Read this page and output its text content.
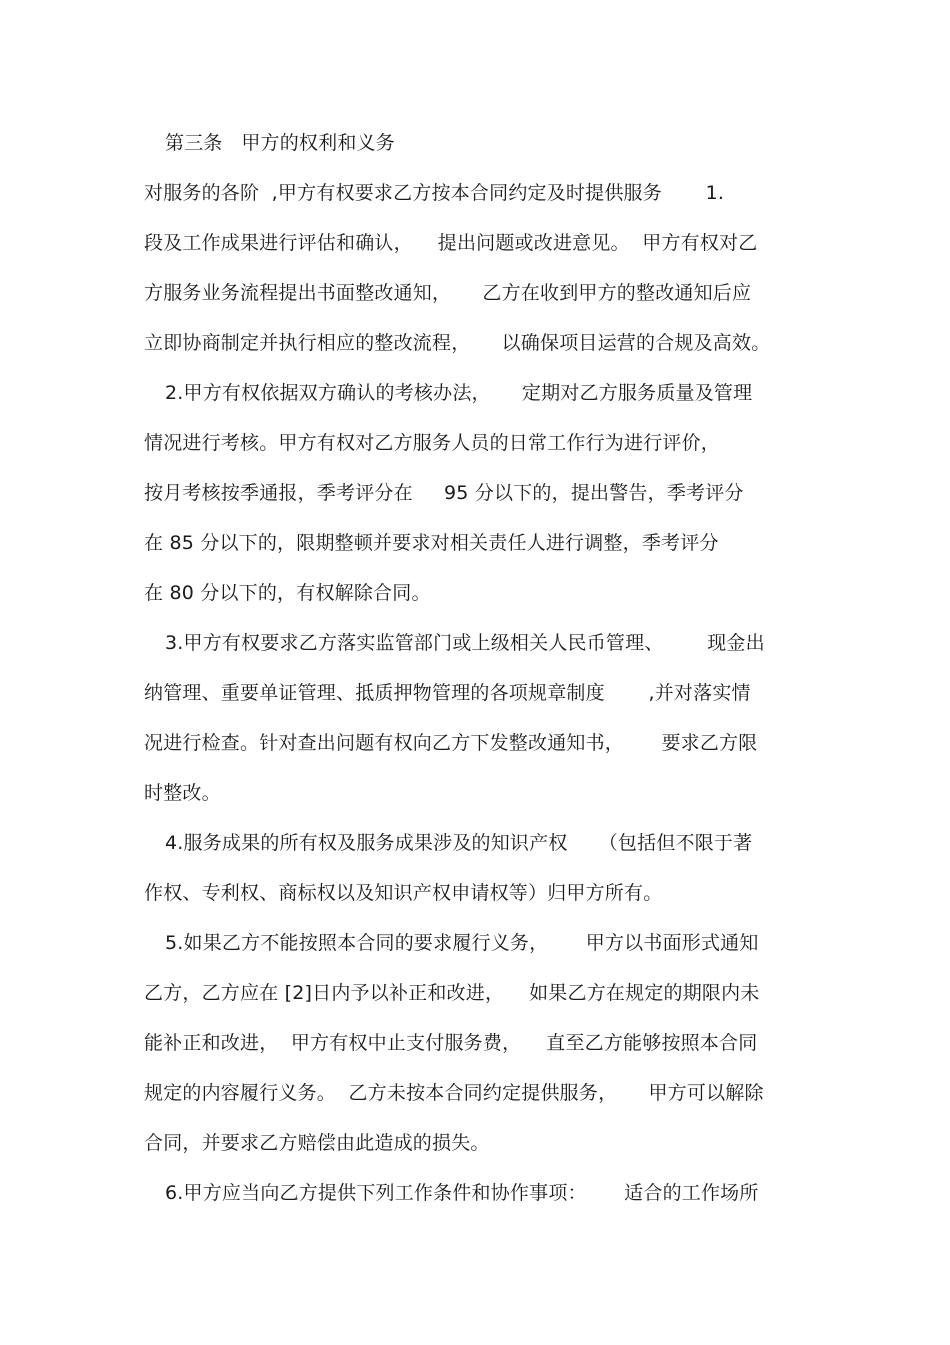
第三条   甲方的权利和义务
对服务的各阶  ,甲方有权要求乙方按本合同约定及时提供服务       1.
段及工作成果进行评估和确认，    提出问题或改进意见。  甲方有权对乙
方服务业务流程提出书面整改通知，     乙方在收到甲方的整改通知后应
立即协商制定并执行相应的整改流程，     以确保项目运营的合规及高效。
2.甲方有权依据双方确认的考核办法，     定期对乙方服务质量及管理
情况进行考核。甲方有权对乙方服务人员的日常工作行为进行评价，
按月考核按季通报，季考评分在     95 分以下的，提出警告，季考评分
在 85 分以下的，限期整顿并要求对相关责任人进行调整，季考评分
在 80 分以下的，有权解除合同。
3.甲方有权要求乙方落实监管部门或上级相关人民币管理、       现金出
纳管理、重要单证管理、抵质押物管理的各项规章制度       ,并对落实情
况进行检查。针对查出问题有权向乙方下发整改通知书，      要求乙方限
时整改。
4.服务成果的所有权及服务成果涉及的知识产权     （包括但不限于著
作权、专利权、商标权以及知识产权申请权等）归甲方所有。
5.如果乙方不能按照本合同的要求履行义务，      甲方以书面形式通知
乙方，乙方应在 [2]日内予以补正和改进，    如果乙方在规定的期限内未
能补正和改进，  甲方有权中止支付服务费，    直至乙方能够按照本合同
规定的内容履行义务。  乙方未按本合同约定提供服务，     甲方可以解除
合同，并要求乙方赔偿由此造成的损失。
6.甲方应当向乙方提供下列工作条件和协作事项：      适合的工作场所
